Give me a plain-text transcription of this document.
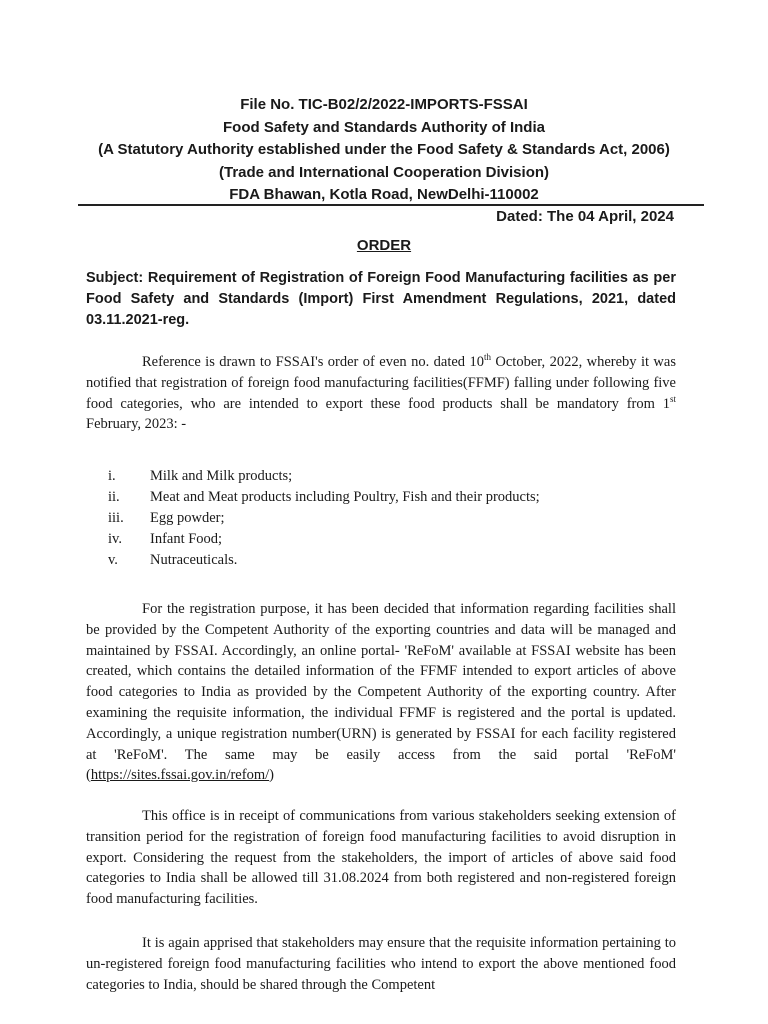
File No. TIC-B02/2/2022-IMPORTS-FSSAI
Food Safety and Standards Authority of India
(A Statutory Authority established under the Food Safety & Standards Act, 2006)
(Trade and International Cooperation Division)
FDA Bhawan, Kotla Road, NewDelhi-110002
Dated: The 04 April, 2024
ORDER
Subject: Requirement of Registration of Foreign Food Manufacturing facilities as per Food Safety and Standards (Import) First Amendment Regulations, 2021, dated 03.11.2021-reg.
Reference is drawn to FSSAI's order of even no. dated 10th October, 2022, whereby it was notified that registration of foreign food manufacturing facilities(FFMF) falling under following five food categories, who are intended to export these food products shall be mandatory from 1st February, 2023: -
i.	Milk and Milk products;
ii.	Meat and Meat products including Poultry, Fish and their products;
iii.	Egg powder;
iv.	Infant Food;
v.	Nutraceuticals.
For the registration purpose, it has been decided that information regarding facilities shall be provided by the Competent Authority of the exporting countries and data will be managed and maintained by FSSAI. Accordingly, an online portal- 'ReFoM' available at FSSAI website has been created, which contains the detailed information of the FFMF intended to export articles of above food categories to India as provided by the Competent Authority of the exporting country. After examining the requisite information, the individual FFMF is registered and the portal is updated. Accordingly, a unique registration number(URN) is generated by FSSAI for each facility registered at 'ReFoM'. The same may be easily access from the said portal 'ReFoM' (https://sites.fssai.gov.in/refom/)
This office is in receipt of communications from various stakeholders seeking extension of transition period for the registration of foreign food manufacturing facilities to avoid disruption in export. Considering the request from the stakeholders, the import of articles of above said food categories to India shall be allowed till 31.08.2024 from both registered and non-registered foreign food manufacturing facilities.
It is again apprised that stakeholders may ensure that the requisite information pertaining to un-registered foreign food manufacturing facilities who intend to export the above mentioned food categories to India, should be shared through the Competent
